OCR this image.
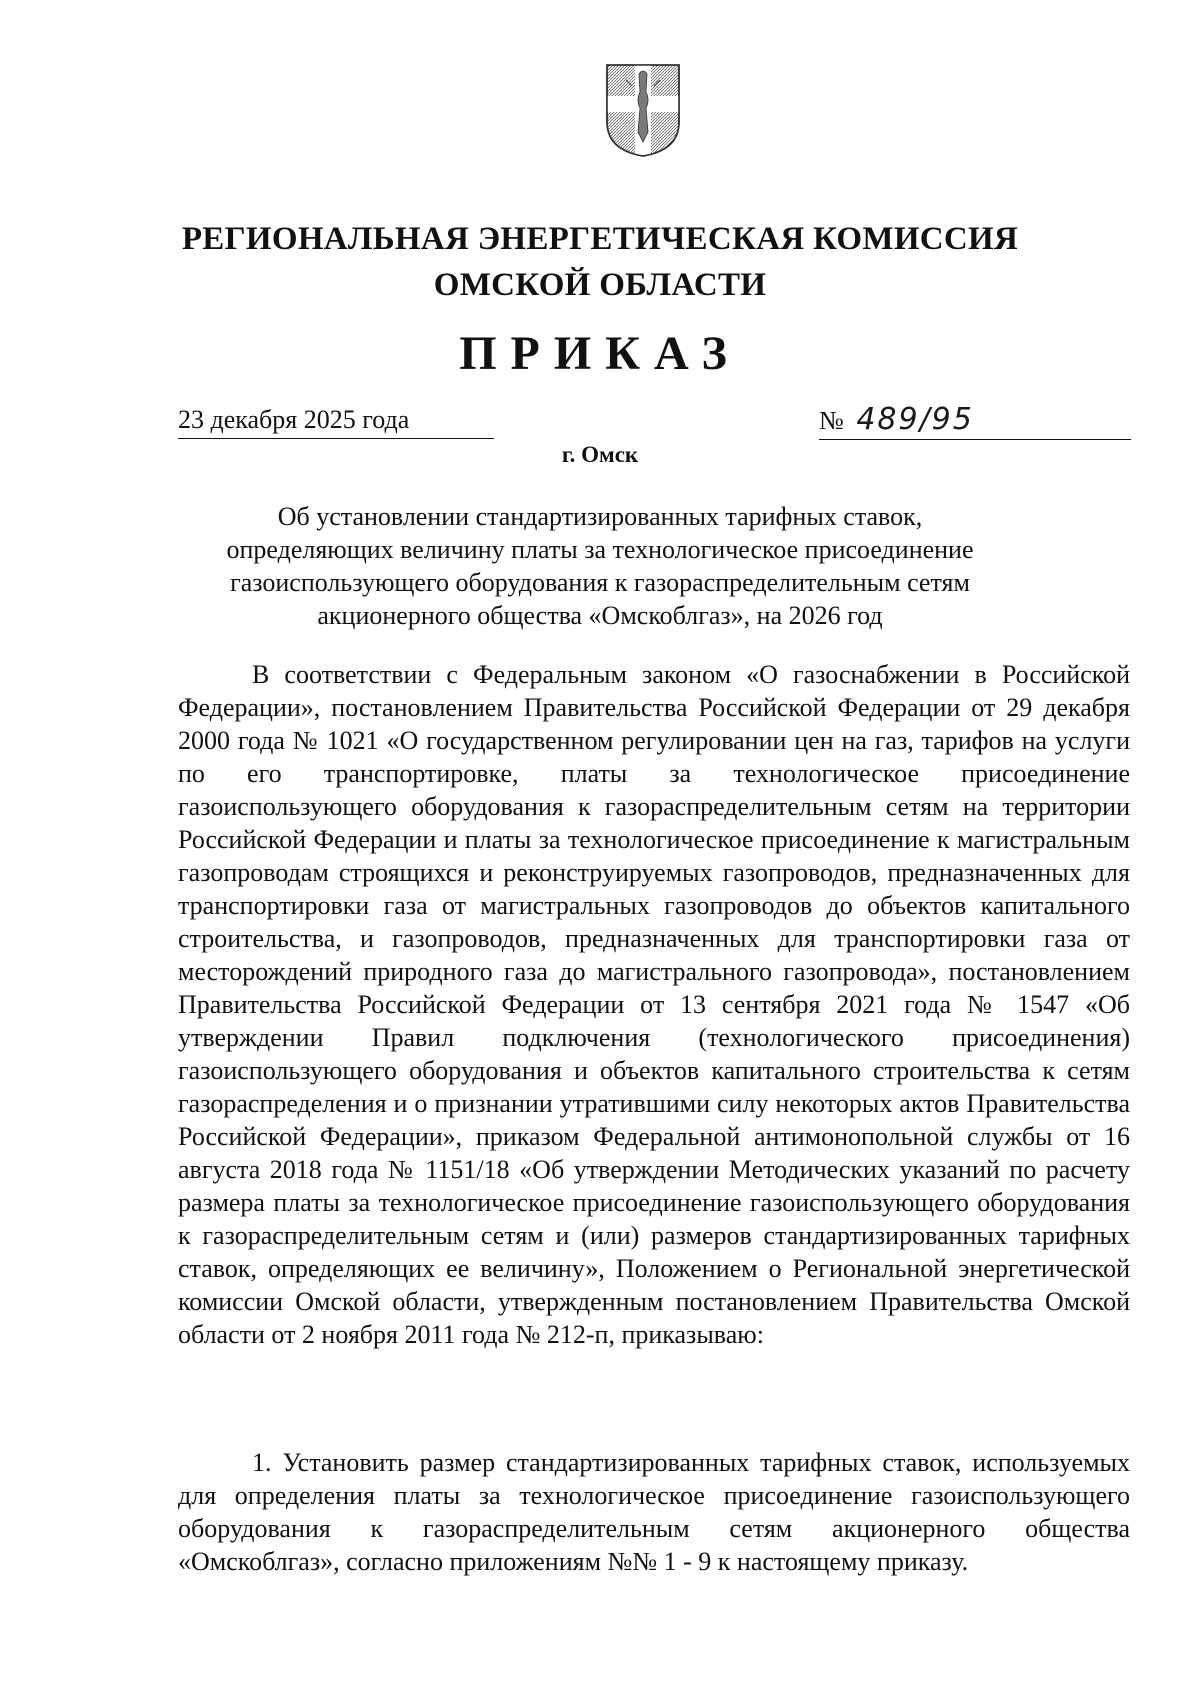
РЕГИОНАЛЬНАЯ ЭНЕРГЕТИЧЕСКАЯ КОМИССИЯ
ОМСКОЙ ОБЛАСТИ
ПРИКАЗ
23 декабря 2025 года	№ 489/95
г. Омск
Об установлении стандартизированных тарифных ставок,
определяющих величину платы за технологическое присоединение
газоиспользующего оборудования к газораспределительным сетям
акционерного общества «Омскоблгаз», на 2026 год

В соответствии с Федеральным законом «О газоснабжении в Российской Федерации», постановлением Правительства Российской Федерации от 29 декабря 2000 года № 1021 «О государственном регулировании цен на газ, тарифов на услуги по его транспортировке, платы за технологическое присоединение газоиспользующего оборудования к газораспределительным сетям на территории Российской Федерации и платы за технологическое присоединение к магистральным газопроводам строящихся и реконструируемых газопроводов, предназначенных для транспортировки газа от магистральных газопроводов до объектов капитального строительства, и газопроводов, предназначенных для транспортировки газа от месторождений природного газа до магистрального газопровода», постановлением Правительства Российской Федерации от 13 сентября 2021 года № 1547 «Об утверждении Правил подключения (технологического присоединения) газоиспользующего оборудования и объектов капитального строительства к сетям газораспределения и о признании утратившими силу некоторых актов Правительства Российской Федерации», приказом Федеральной антимонопольной службы от 16 августа 2018 года № 1151/18 «Об утверждении Методических указаний по расчету размера платы за технологическое присоединение газоиспользующего оборудования к газораспределительным сетям и (или) размеров стандартизированных тарифных ставок, определяющих ее величину», Положением о Региональной энергетической комиссии Омской области, утвержденным постановлением Правительства Омской области от 2 ноября 2011 года № 212-п, приказываю:

1. Установить размер стандартизированных тарифных ставок, используемых для определения платы за технологическое присоединение газоиспользующего оборудования к газораспределительным сетям акционерного общества «Омскоблгаз», согласно приложениям №№ 1 - 9 к настоящему приказу.
